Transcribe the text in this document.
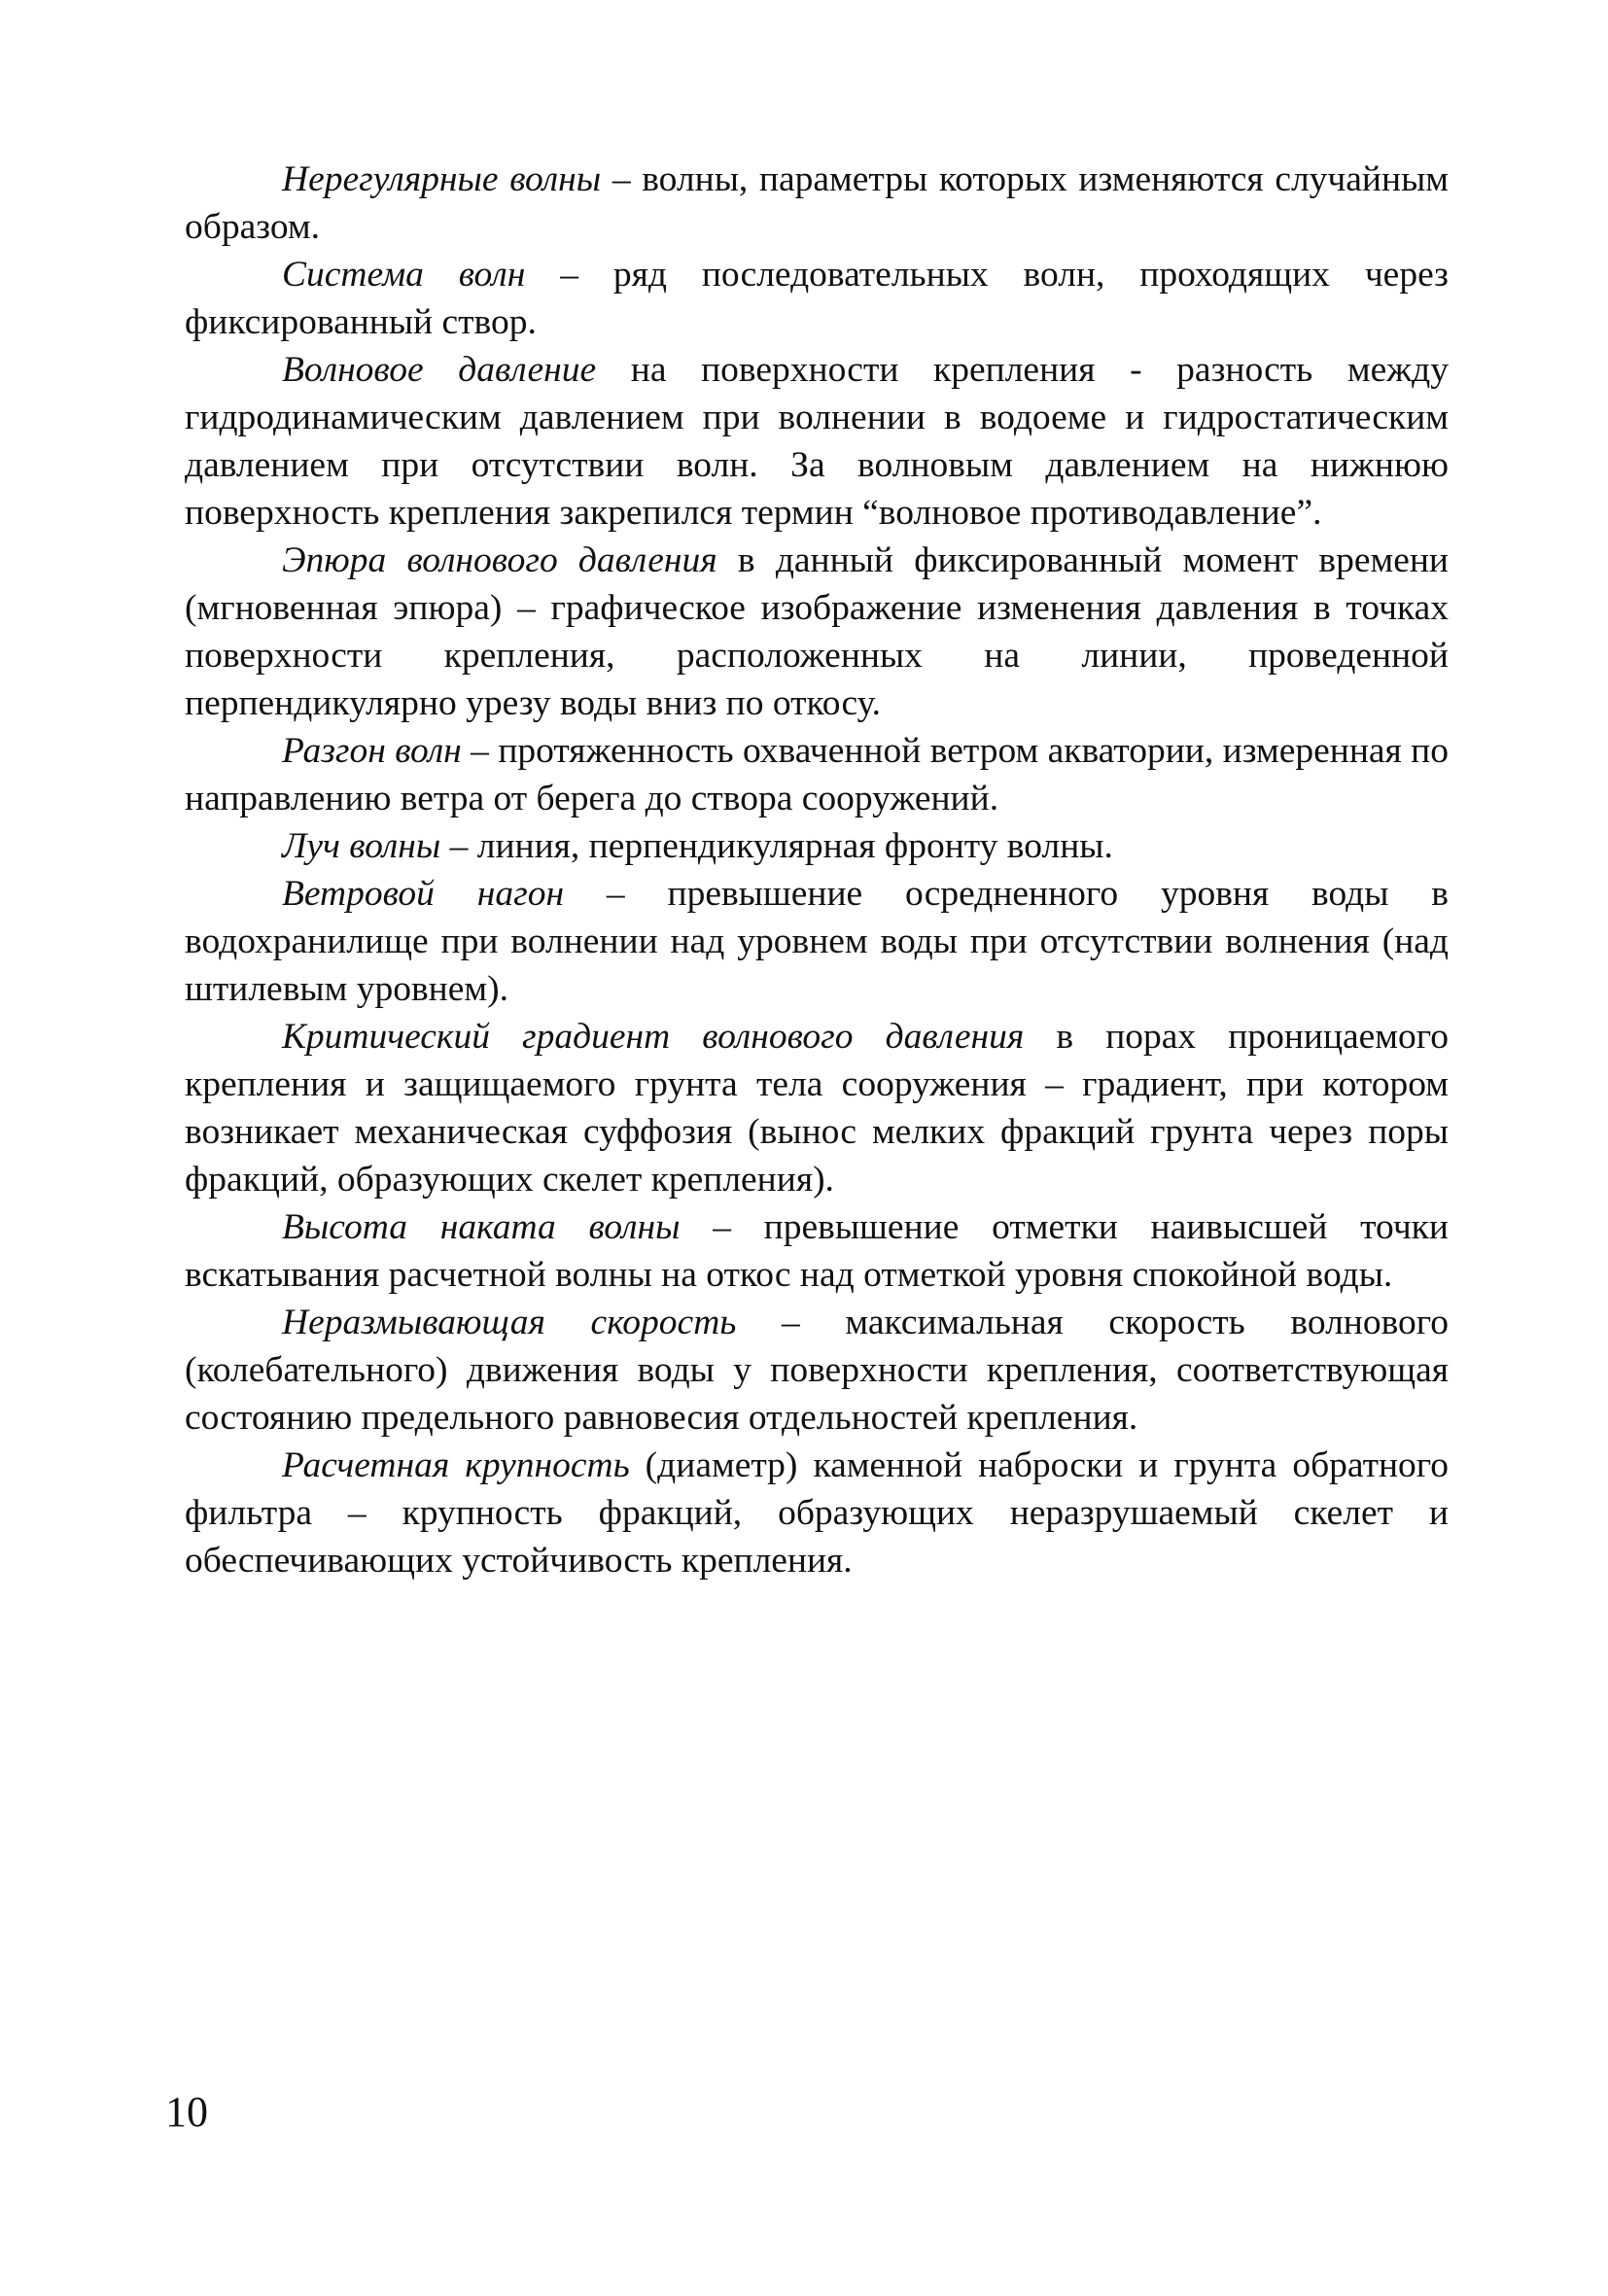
Нерегулярные волны – волны, параметры которых изменяются случайным образом.

Система волн – ряд последовательных волн, проходящих через фиксированный створ.

Волновое давление на поверхности крепления - разность между гидродинамическим давлением при волнении в водоеме и гидростатическим давлением при отсутствии волн. За волновым давлением на нижнюю поверхность крепления закрепился термин “волновое противодавление”.

Эпюра волнового давления в данный фиксированный момент времени (мгновенная эпюра) – графическое изображение изменения давления в точках поверхности крепления, расположенных на линии, проведенной перпендикулярно урезу воды вниз по откосу.

Разгон волн – протяженность охваченной ветром акватории, измеренная по направлению ветра от берега до створа сооружений.

Луч волны – линия, перпендикулярная фронту волны.

Ветровой нагон – превышение осредненного уровня воды в водохранилище при волнении над уровнем воды при отсутствии волнения (над штилевым уровнем).

Критический градиент волнового давления в порах проницаемого крепления и защищаемого грунта тела сооружения – градиент, при котором возникает механическая суффозия (вынос мелких фракций грунта через поры фракций, образующих скелет крепления).

Высота наката волны – превышение отметки наивысшей точки вскатывания расчетной волны на откос над отметкой уровня спокойной воды.

Неразмывающая скорость – максимальная скорость волнового (колебательного) движения воды у поверхности крепления, соответствующая состоянию предельного равновесия отдельностей крепления.

Расчетная крупность (диаметр) каменной наброски и грунта обратного фильтра – крупность фракций, образующих неразрушаемый скелет и обеспечивающих устойчивость крепления.

10
